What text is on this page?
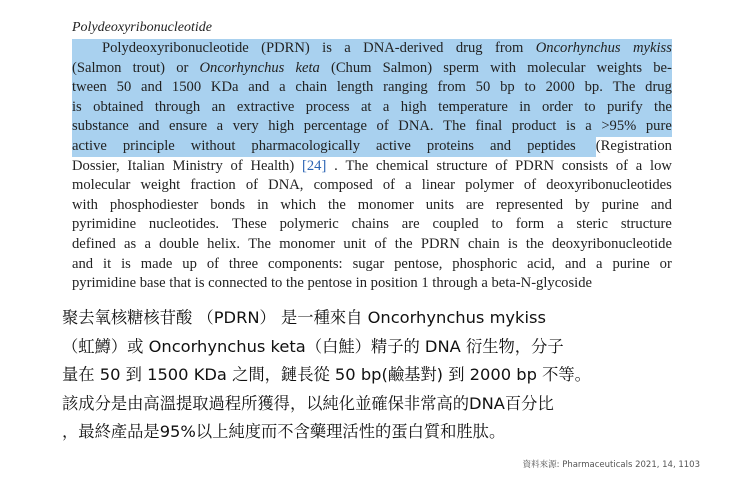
Polydeoxyribonucleotide
Polydeoxyribonucleotide (PDRN) is a DNA-derived drug from Oncorhynchus mykiss
(Salmon trout) or Oncorhynchus keta (Chum Salmon) sperm with molecular weights be-
tween 50 and 1500 KDa and a chain length ranging from 50 bp to 2000 bp. The drug
is obtained through an extractive process at a high temperature in order to purify the
substance and ensure a very high percentage of DNA. The final product is a >95% pure
active principle without pharmacologically active proteins and peptides (Registration
Dossier, Italian Ministry of Health) [24] . The chemical structure of PDRN consists of a low
molecular weight fraction of DNA, composed of a linear polymer of deoxyribonucleotides
with phosphodiester bonds in which the monomer units are represented by purine and
pyrimidine nucleotides. These polymeric chains are coupled to form a steric structure
defined as a double helix. The monomer unit of the PDRN chain is the deoxyribonucleotide
and it is made up of three components: sugar pentose, phosphoric acid, and a purine or
pyrimidine base that is connected to the pentose in position 1 through a beta-N-glycoside
聚去氧核糖核苷酸 （PDRN） 是一種來自 Oncorhynchus mykiss
（虹鱒）或 Oncorhynchus keta（白鮭）精子的 DNA 衍生物，分子
量在 50 到 1500 KDa 之間，鏈長從 50 bp(鹼基對) 到 2000 bp 不等。
該成分是由高溫提取過程所獲得，以純化並確保非常高的DNA百分比
，最終產品是95%以上純度而不含藥理活性的蛋白質和胜肽。
資料來源: Pharmaceuticals 2021, 14, 1103
